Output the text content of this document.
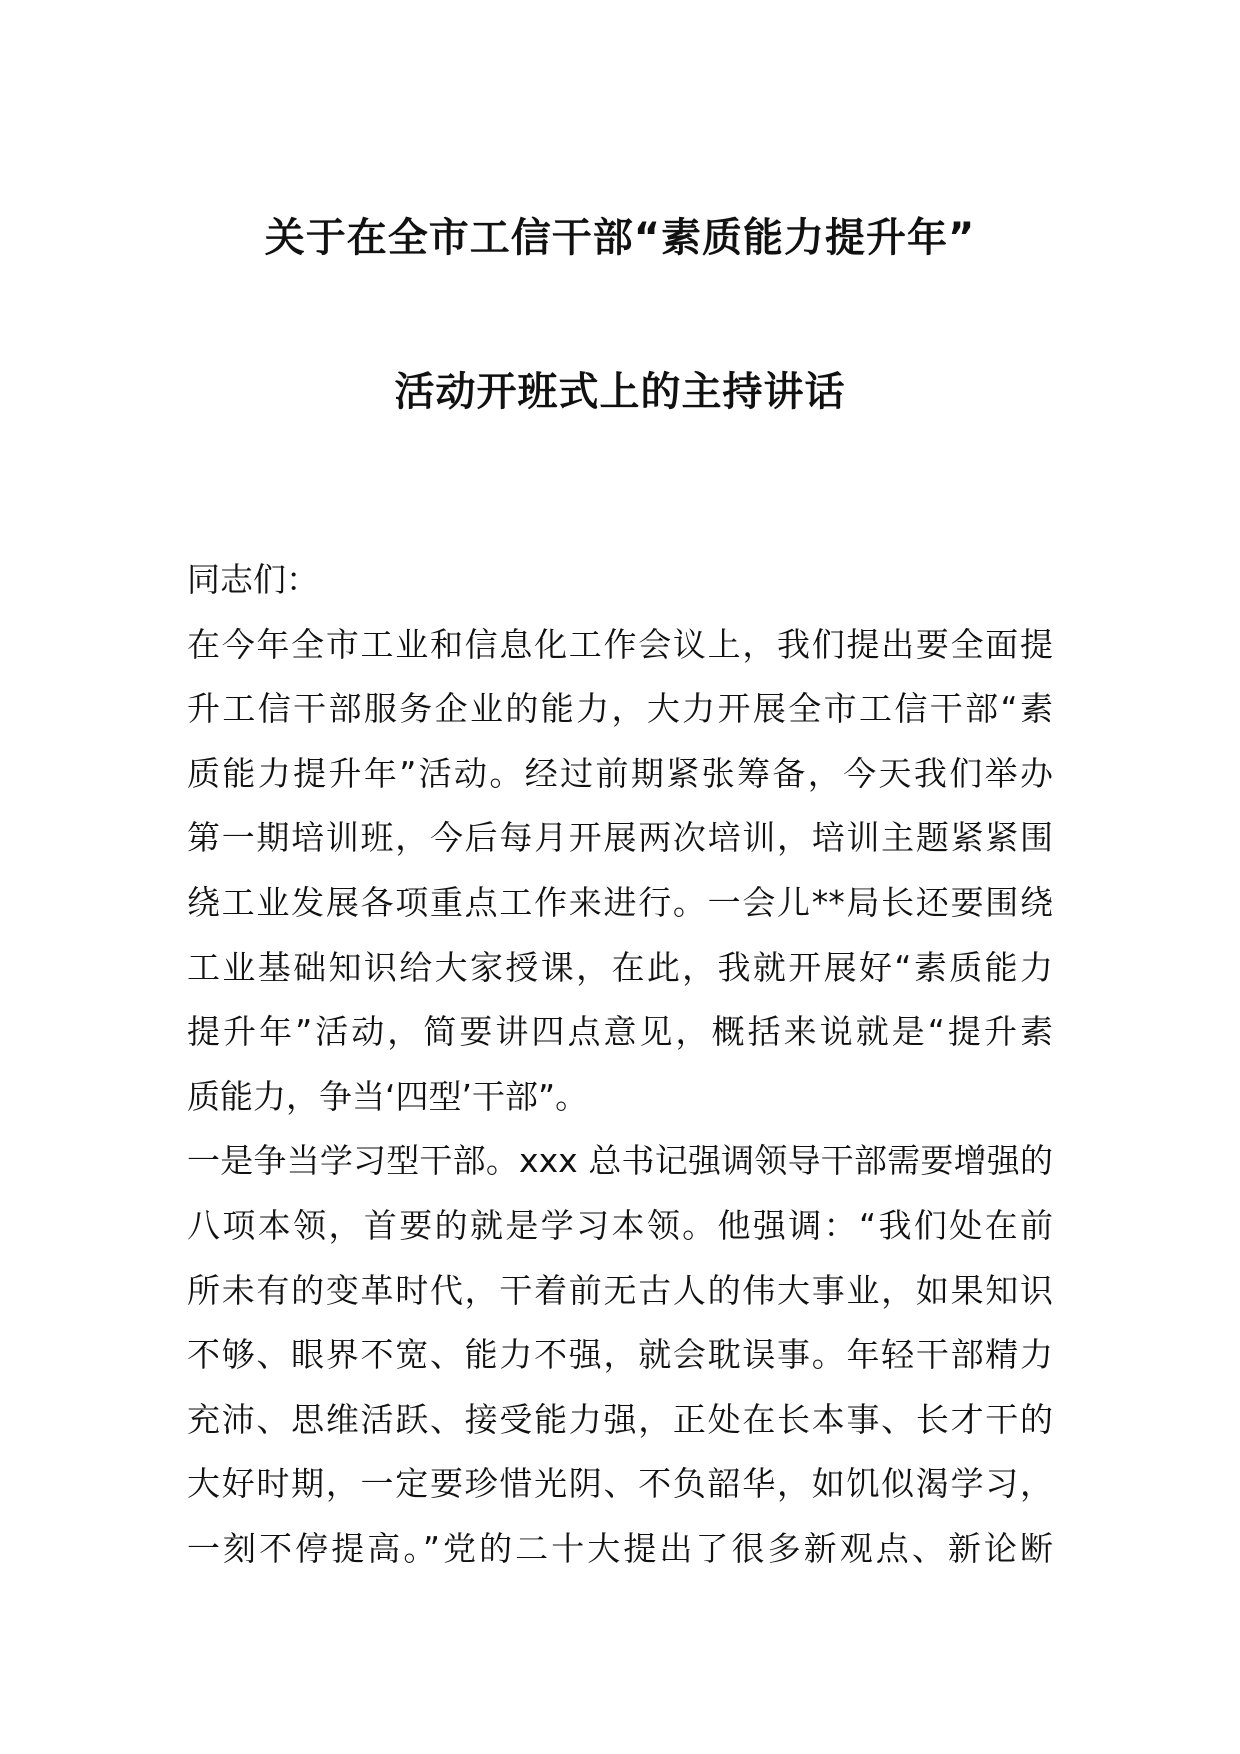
关于在全市工信干部“素质能力提升年”
活动开班式上的主持讲话
同志们：
在今年全市工业和信息化工作会议上，我们提出要全面提
升工信干部服务企业的能力，大力开展全市工信干部“素
质能力提升年”活动。经过前期紧张筹备，今天我们举办
第一期培训班，今后每月开展两次培训，培训主题紧紧围
绕工业发展各项重点工作来进行。一会儿**局长还要围绕
工业基础知识给大家授课，在此，我就开展好“素质能力
提升年”活动，简要讲四点意见，概括来说就是“提升素
质能力，争当‘四型’干部”。
一是争当学习型干部。xxx 总书记强调领导干部需要增强的
八项本领，首要的就是学习本领。他强调：“我们处在前
所未有的变革时代，干着前无古人的伟大事业，如果知识
不够、眼界不宽、能力不强，就会耽误事。年轻干部精力
充沛、思维活跃、接受能力强，正处在长本事、长才干的
大好时期，一定要珍惜光阴、不负韶华，如饥似渴学习，
一刻不停提高。”党的二十大提出了很多新观点、新论断
